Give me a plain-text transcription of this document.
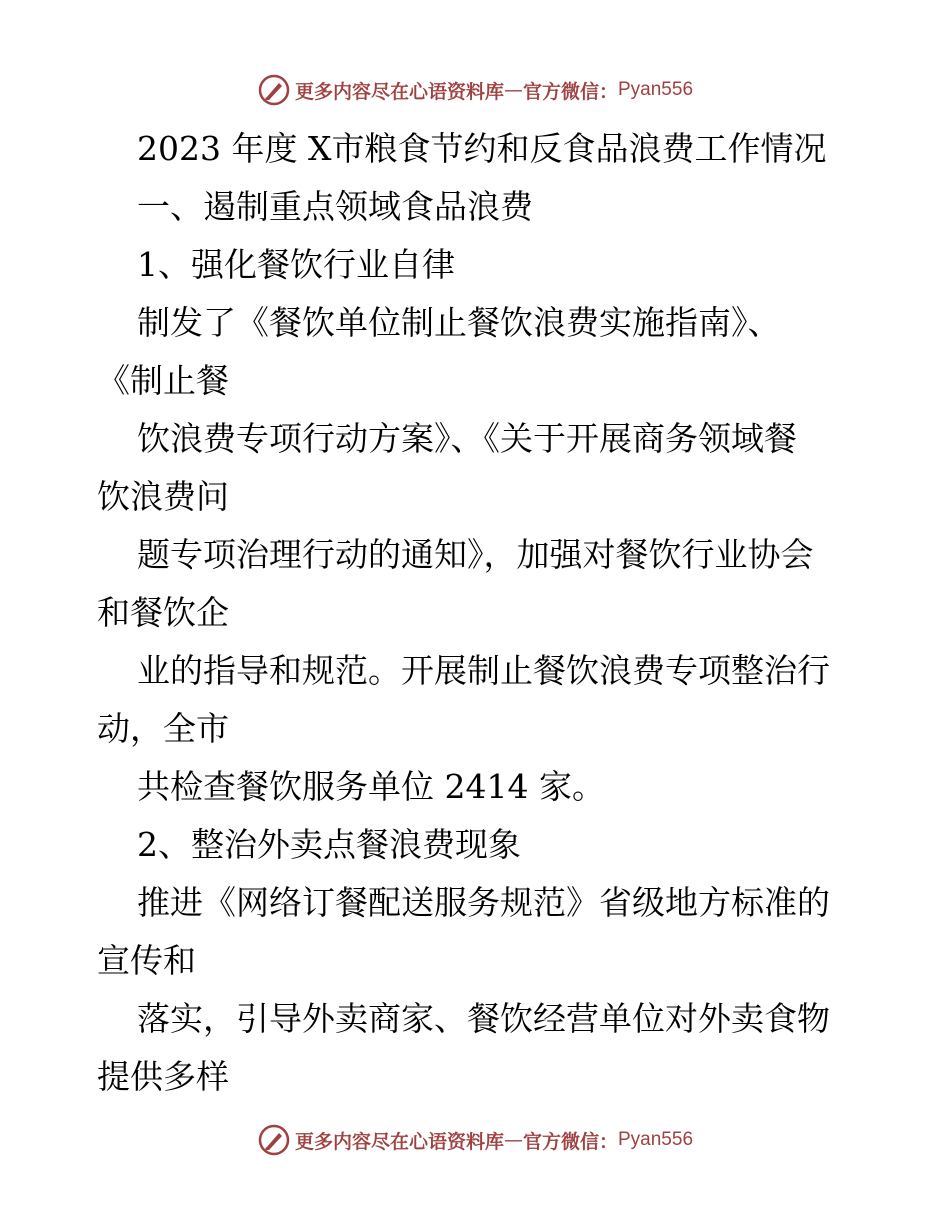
更多内容尽在心语资料库 — 官方微信： Pyan556
2023 年度 X市粮食节约和反食品浪费工作情况
一、遏制重点领域食品浪费
1、强化餐饮行业自律
制发了《餐饮单位制止餐饮浪费实施指南》、
《制止餐
饮浪费专项行动方案》、《关于开展商务领域餐
饮浪费问
题专项治理行动的通知》，加强对餐饮行业协会
和餐饮企
业的指导和规范。开展制止餐饮浪费专项整治行
动，全市
共检查餐饮服务单位 2414 家。
2、整治外卖点餐浪费现象
推进《网络订餐配送服务规范》省级地方标准的
宣传和
落实，引导外卖商家、餐饮经营单位对外卖食物
提供多样
更多内容尽在心语资料库 — 官方微信： Pyan556
